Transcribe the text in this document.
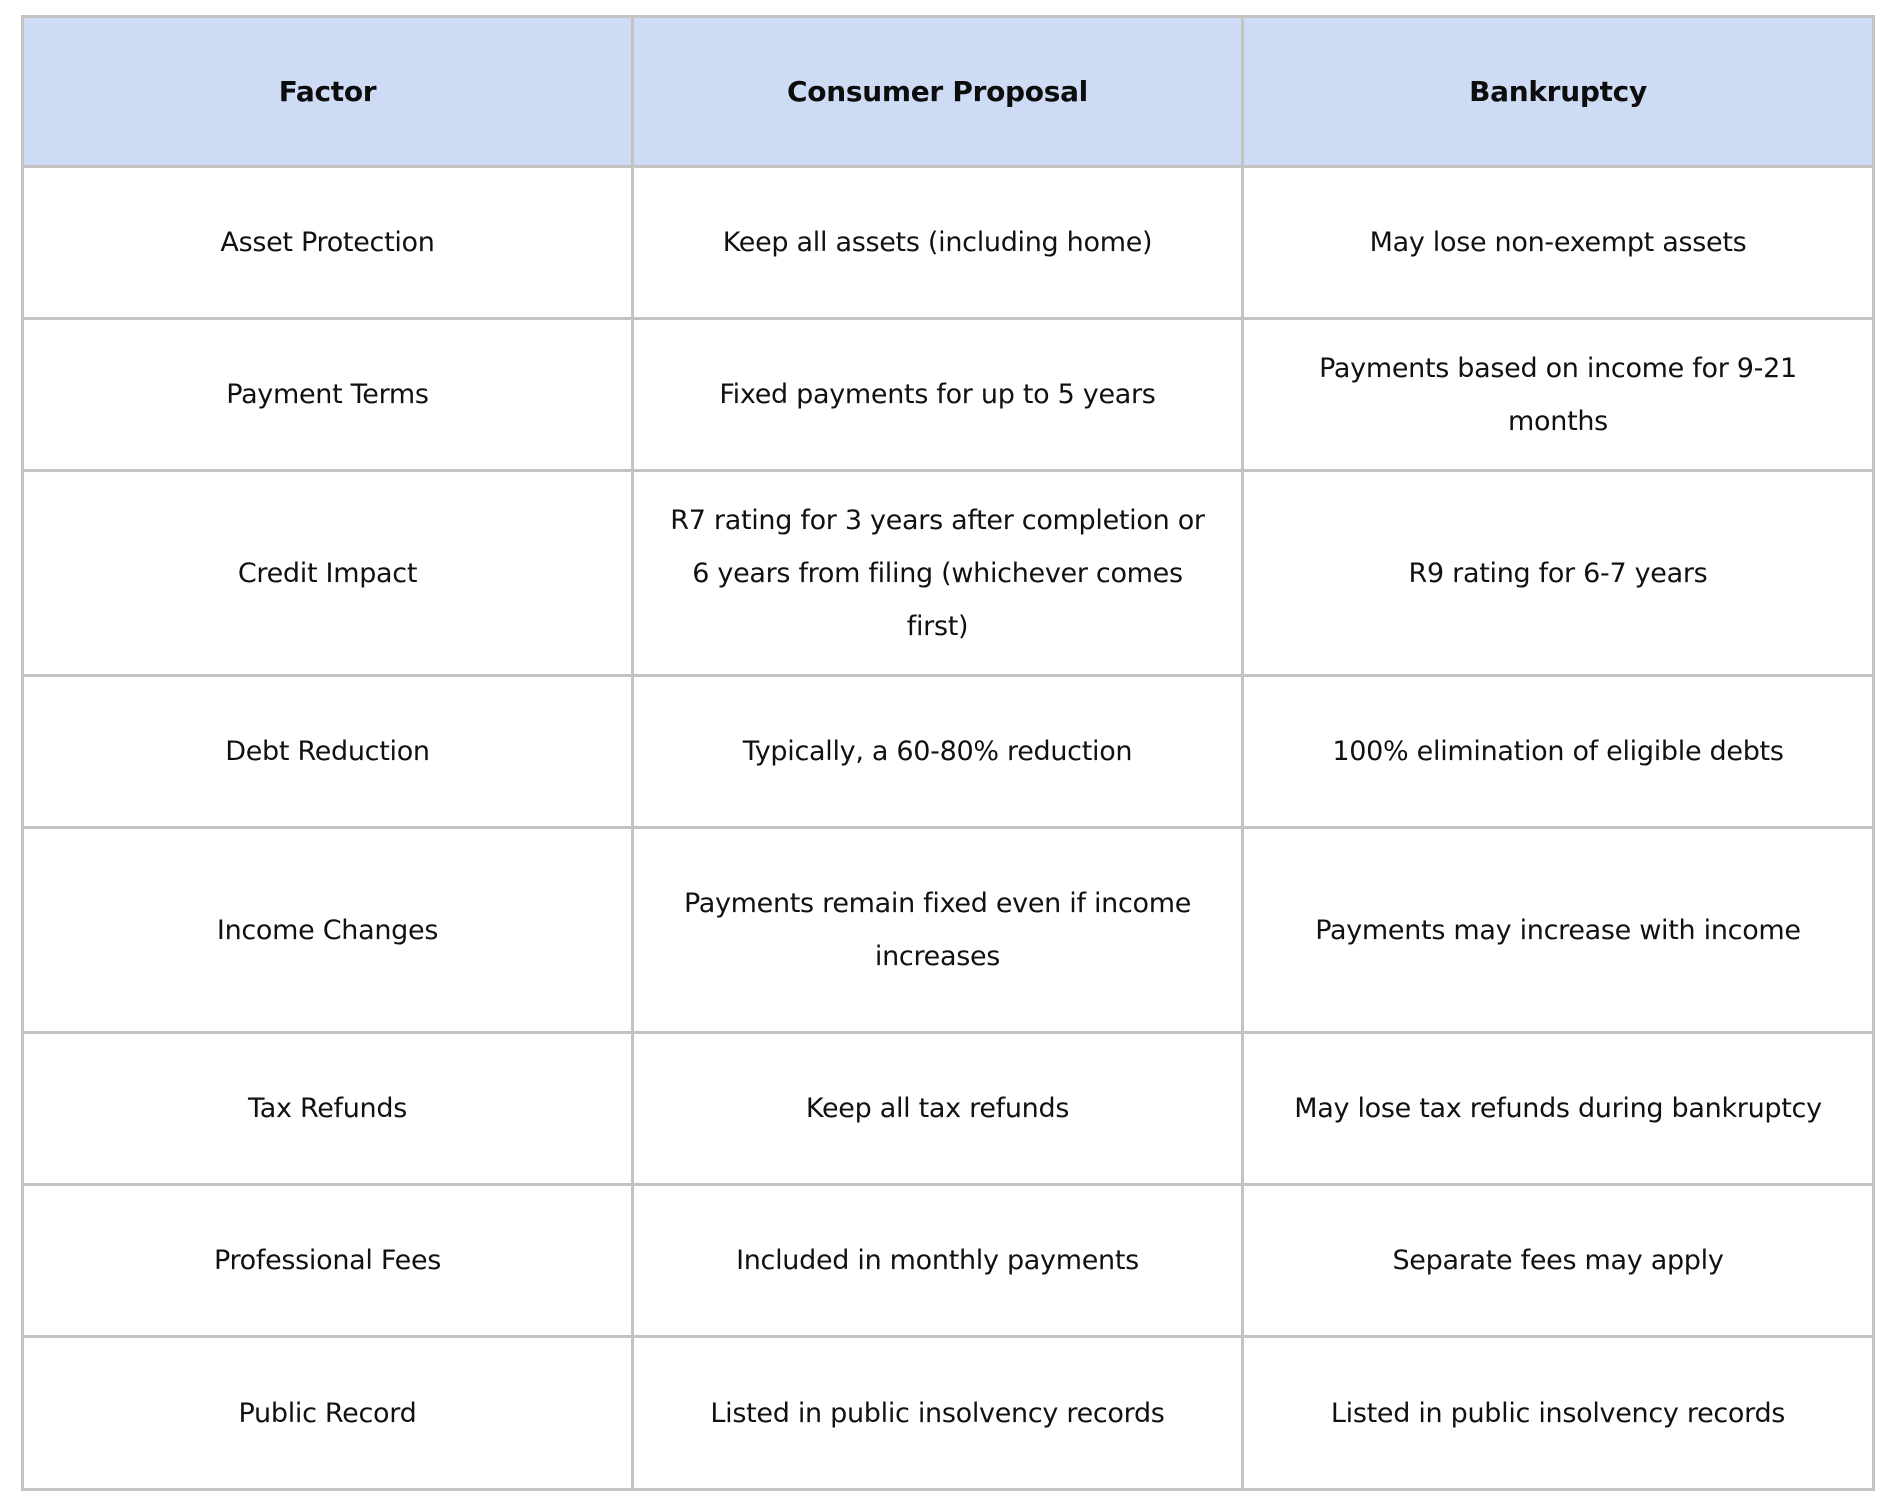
Factor	Consumer Proposal	Bankruptcy
Asset Protection	Keep all assets (including home)	May lose non-exempt assets
Payment Terms	Fixed payments for up to 5 years	Payments based on income for 9-21 months
Credit Impact	R7 rating for 3 years after completion or 6 years from filing (whichever comes first)	R9 rating for 6-7 years
Debt Reduction	Typically, a 60-80% reduction	100% elimination of eligible debts
Income Changes	Payments remain fixed even if income increases	Payments may increase with income
Tax Refunds	Keep all tax refunds	May lose tax refunds during bankruptcy
Professional Fees	Included in monthly payments	Separate fees may apply
Public Record	Listed in public insolvency records	Listed in public insolvency records
